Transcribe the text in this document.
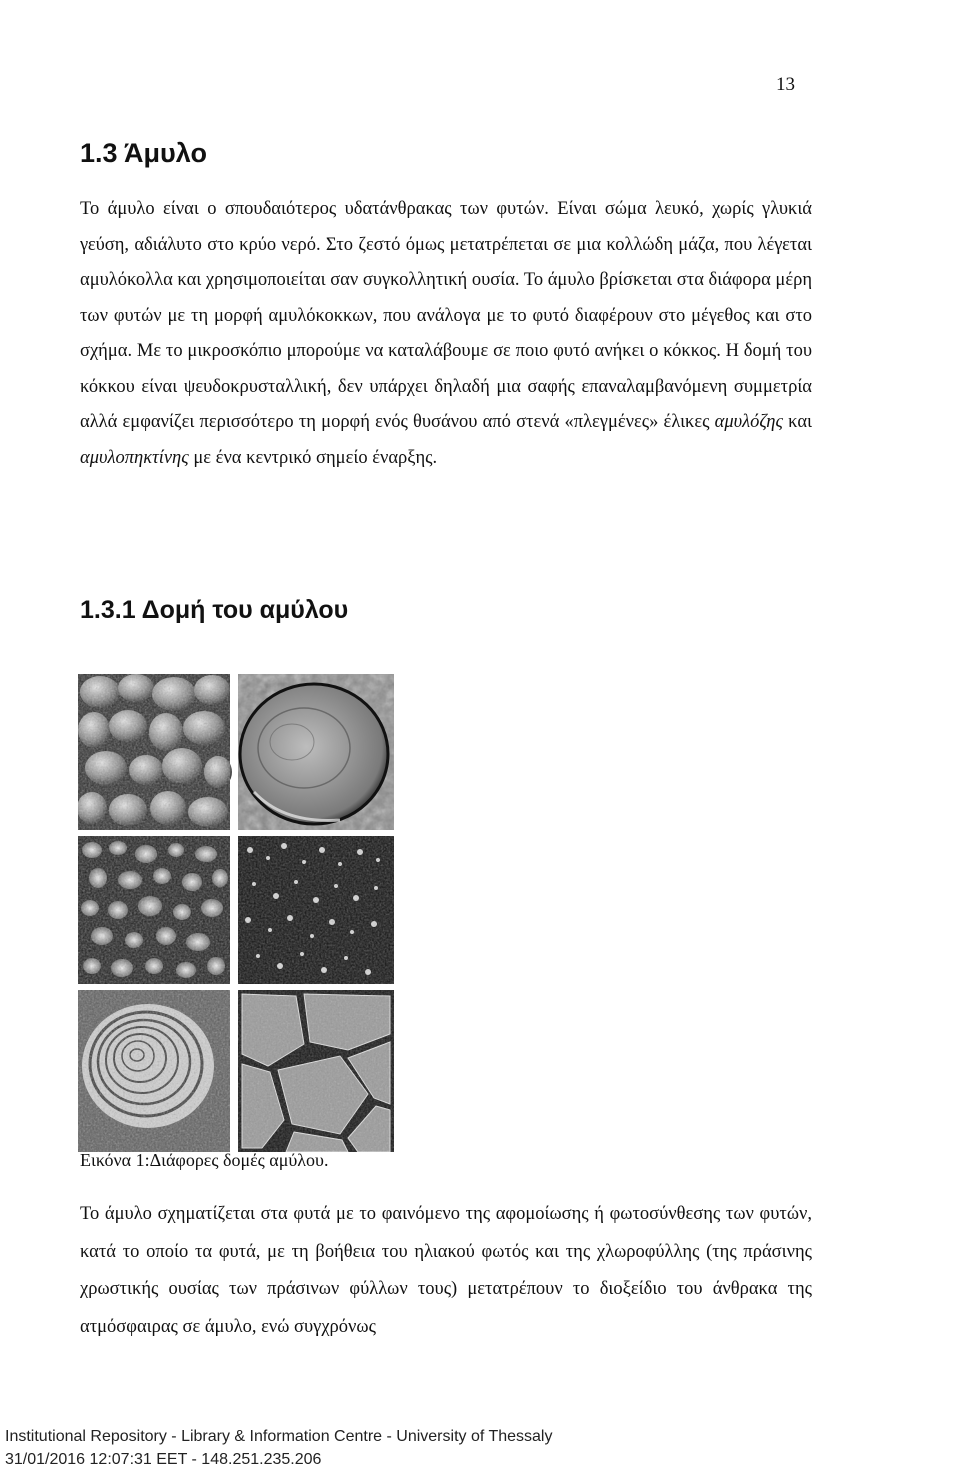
13
1.3 Άμυλο

Το άμυλο είναι ο σπουδαιότερος υδατάνθρακας των φυτών. Είναι σώμα λευκό, χωρίς γλυκιά γεύση, αδιάλυτο στο κρύο νερό. Στο ζεστό όμως μετατρέπεται σε μια κολλώδη μάζα, που λέγεται αμυλόκολλα και χρησιμοποιείται σαν συγκολλητική ουσία. Το άμυλο βρίσκεται στα διάφορα μέρη των φυτών με τη μορφή αμυλόκοκκων, που ανάλογα με το φυτό διαφέρουν στο μέγεθος και στο σχήμα. Με το μικροσκόπιο μπορούμε να καταλάβουμε σε ποιο φυτό ανήκει ο κόκκος. Η δομή του κόκκου είναι ψευδοκρυσταλλική, δεν υπάρχει δηλαδή μια σαφής επαναλαμβανόμενη συμμετρία αλλά εμφανίζει περισσότερο τη μορφή ενός θυσάνου από στενά «πλεγμένες» έλικες αμυλόζης και αμυλοπηκτίνης με ένα κεντρικό σημείο έναρξης.

1.3.1 Δομή του αμύλου
Εικόνα 1:Διάφορες δομές αμύλου.

Το άμυλο σχηματίζεται στα φυτά με το φαινόμενο της αφομοίωσης ή φωτοσύνθεσης των φυτών, κατά το οποίο τα φυτά, με τη βοήθεια του ηλιακού φωτός και της χλωροφύλλης (της πράσινης χρωστικής ουσίας των πράσινων φύλλων τους) μετατρέπουν το διοξείδιο του άνθρακα της ατμόσφαιρας σε άμυλο, ενώ συγχρόνως

Institutional Repository - Library & Information Centre - University of Thessaly
31/01/2016 12:07:31 EET - 148.251.235.206
